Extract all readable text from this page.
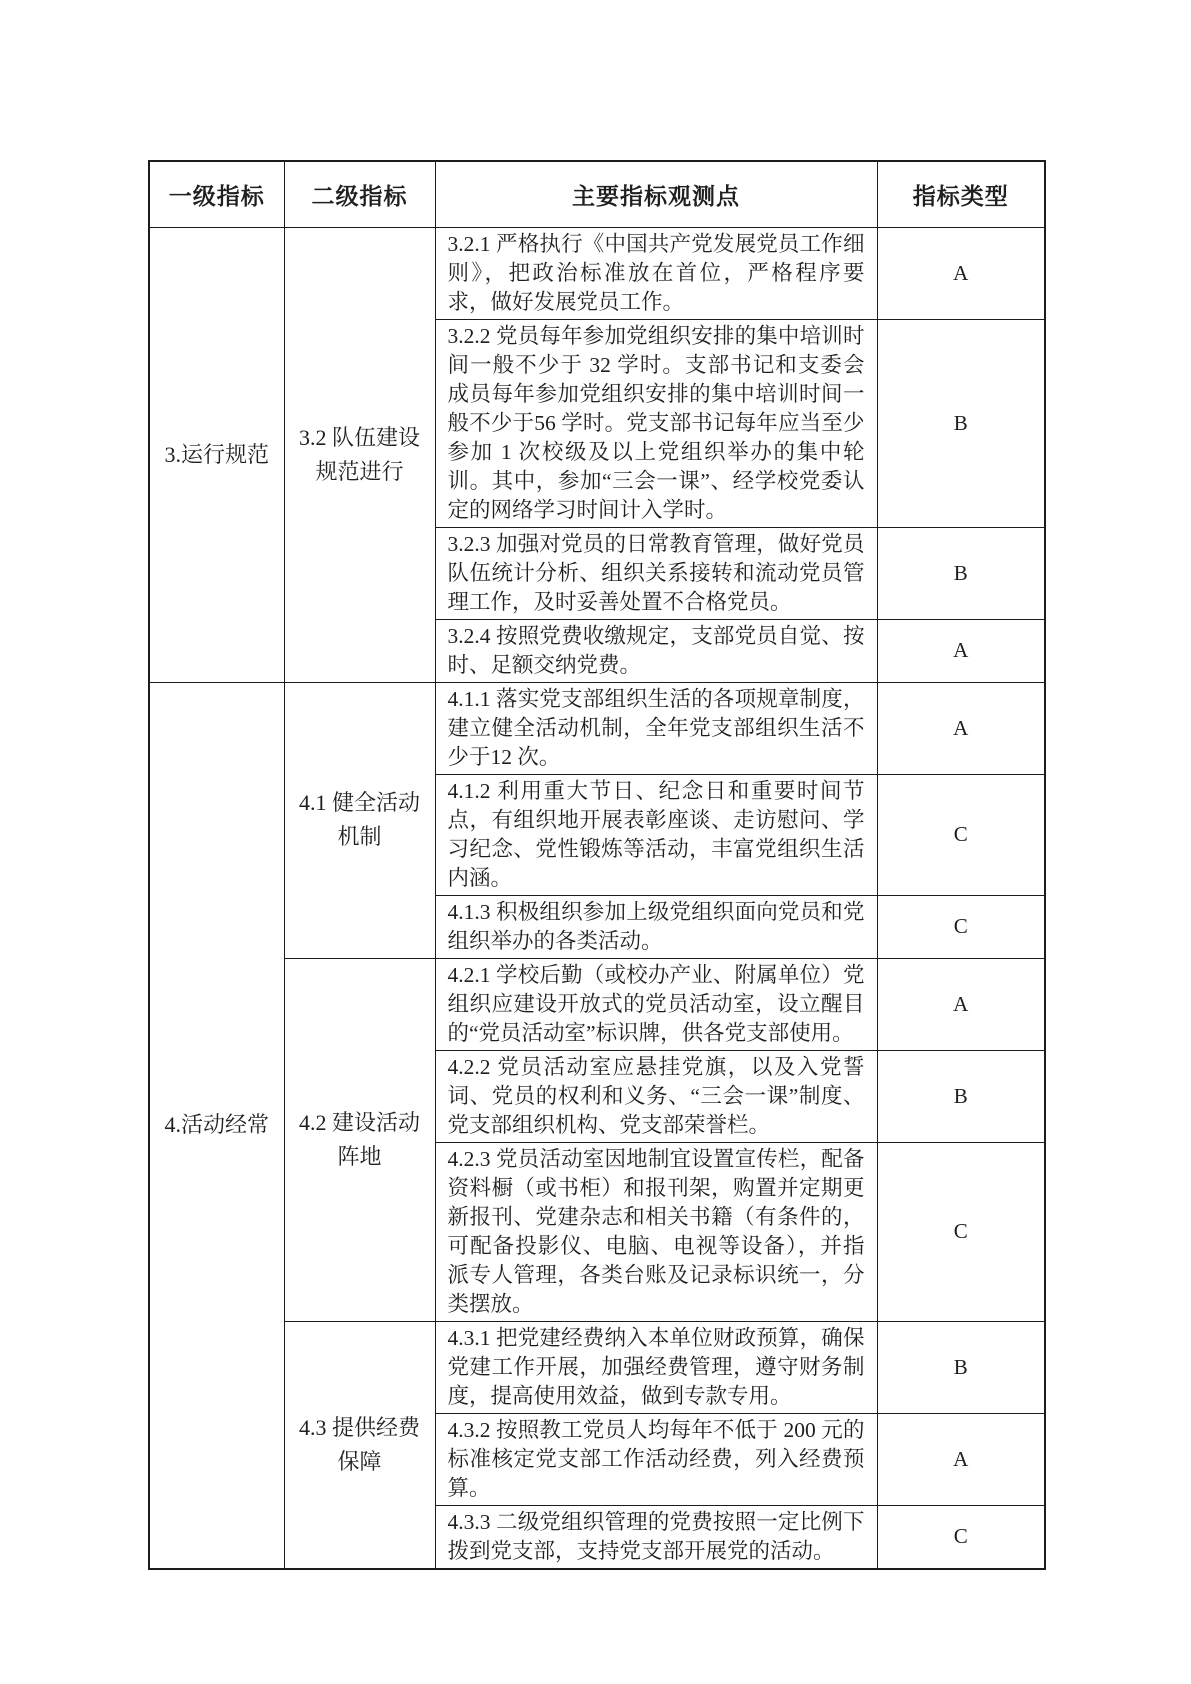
一级指标	二级指标	主要指标观测点	指标类型
3.运行规范	3.2 队伍建设规范进行	3.2.1 严格执行《中国共产党发展党员工作细则》，把政治标准放在首位，严格程序要求，做好发展党员工作。	A
		3.2.2 党员每年参加党组织安排的集中培训时间一般不少于 32 学时。支部书记和支委会成员每年参加党组织安排的集中培训时间一般不少于56 学时。党支部书记每年应当至少参加 1 次校级及以上党组织举办的集中轮训。其中，参加“三会一课”、经学校党委认定的网络学习时间计入学时。	B
		3.2.3 加强对党员的日常教育管理，做好党员队伍统计分析、组织关系接转和流动党员管理工作，及时妥善处置不合格党员。	B
		3.2.4 按照党费收缴规定，支部党员自觉、按时、足额交纳党费。	A
4.活动经常	4.1 健全活动机制	4.1.1 落实党支部组织生活的各项规章制度，建立健全活动机制，全年党支部组织生活不少于12 次。	A
		4.1.2 利用重大节日、纪念日和重要时间节点，有组织地开展表彰座谈、走访慰问、学习纪念、党性锻炼等活动，丰富党组织生活内涵。	C
		4.1.3 积极组织参加上级党组织面向党员和党组织举办的各类活动。	C
	4.2 建设活动阵地	4.2.1 学校后勤（或校办产业、附属单位）党组织应建设开放式的党员活动室，设立醒目的“党员活动室”标识牌，供各党支部使用。	A
		4.2.2 党员活动室应悬挂党旗，以及入党誓词、党员的权利和义务、“三会一课”制度、党支部组织机构、党支部荣誉栏。	B
		4.2.3 党员活动室因地制宜设置宣传栏，配备资料橱（或书柜）和报刊架，购置并定期更新报刊、党建杂志和相关书籍（有条件的，可配备投影仪、电脑、电视等设备），并指派专人管理，各类台账及记录标识统一，分类摆放。	C
	4.3 提供经费保障	4.3.1 把党建经费纳入本单位财政预算，确保党建工作开展，加强经费管理，遵守财务制度，提高使用效益，做到专款专用。	B
		4.3.2 按照教工党员人均每年不低于 200 元的标准核定党支部工作活动经费，列入经费预算。	A
		4.3.3 二级党组织管理的党费按照一定比例下拨到党支部，支持党支部开展党的活动。	C
